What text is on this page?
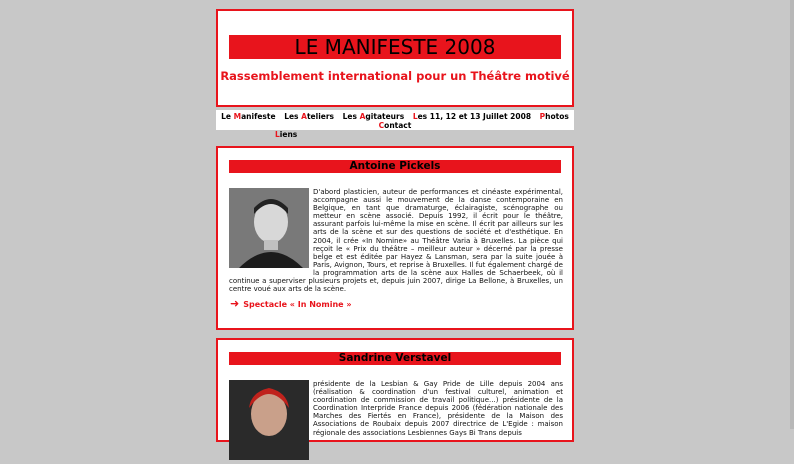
LE MANIFESTE 2008
Rassemblement international pour un Théâtre motivé
Le Manifeste Les Ateliers Les Agitateurs Les 11, 12 et 13 Juillet 2008 Photos Contact
Liens
Antoine Pickels
D'abord plasticien, auteur de performances et cinéaste expérimental, accompagne aussi le mouvement de la danse contemporaine en Belgique, en tant que dramaturge, éclairagiste, scénographe ou metteur en scène associé. Depuis 1992, il écrit pour le théâtre, assurant parfois lui-même la mise en scène. Il écrit par ailleurs sur les arts de la scène et sur des questions de société et d'esthétique. En 2004, il crée «In Nomine» au Théâtre Varia à Bruxelles. La pièce qui reçoit le « Prix du théâtre – meilleur auteur » décerné par la presse belge et est éditée par Hayez & Lansman, sera par la suite jouée à Paris, Avignon, Tours, et reprise à Bruxelles. Il fut également chargé de la programmation arts de la scène aux Halles de Schaerbeek, où il continue a superviser plusieurs projets et, depuis juin 2007, dirige La Bellone, à Bruxelles, un centre voué aux arts de la scène.
➜ Spectacle « In Nomine »
Sandrine Verstavel
présidente de la Lesbian & Gay Pride de Lille depuis 2004 ans (réalisation & coordination d'un festival culturel, animation et coordination de commission de travail politique...) présidente de la Coordination Interpride France depuis 2006 (fédération nationale des Marches des Fiertés en France), présidente de la Maison des Associations de Roubaix depuis 2007 directrice de L'Egide : maison régionale des associations Lesbiennes Gays Bi Trans depuis
